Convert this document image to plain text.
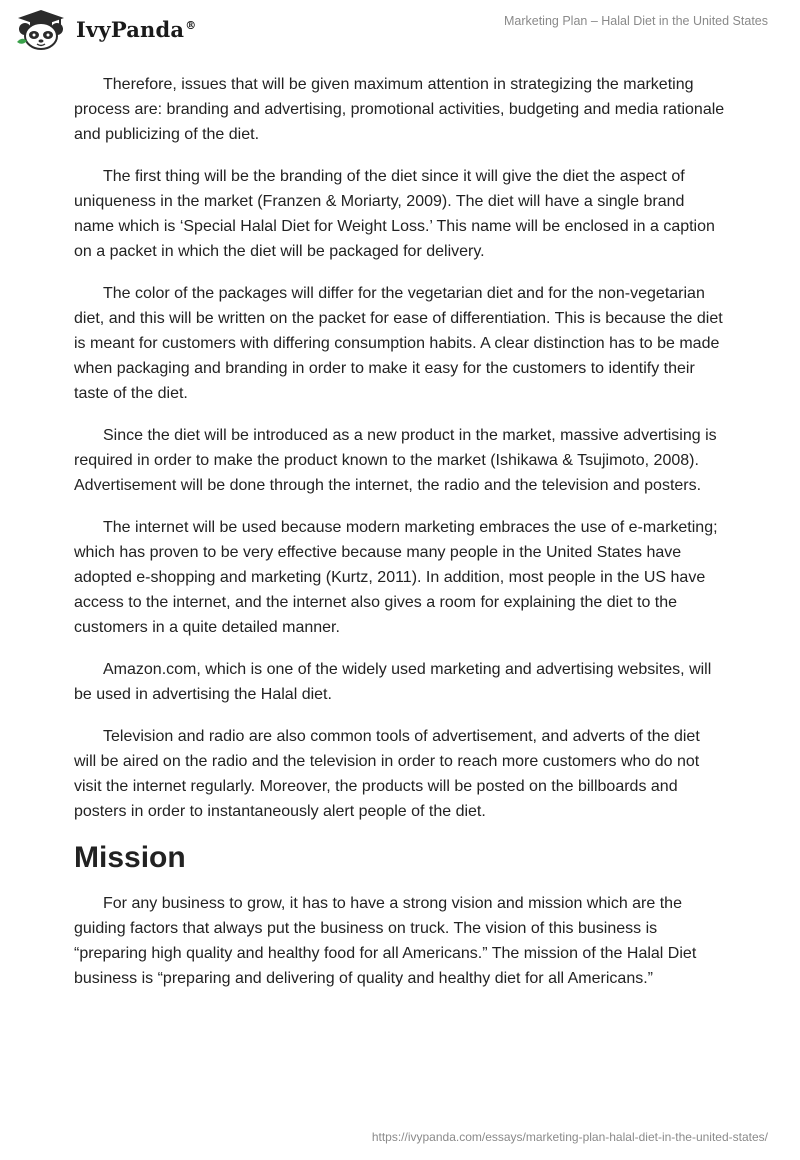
IvyPanda®	Marketing Plan – Halal Diet in the United States

Therefore, issues that will be given maximum attention in strategizing the marketing process are: branding and advertising, promotional activities, budgeting and media rationale and publicizing of the diet.

The first thing will be the branding of the diet since it will give the diet the aspect of uniqueness in the market (Franzen & Moriarty, 2009). The diet will have a single brand name which is ‘Special Halal Diet for Weight Loss.’ This name will be enclosed in a caption on a packet in which the diet will be packaged for delivery.

The color of the packages will differ for the vegetarian diet and for the non-vegetarian diet, and this will be written on the packet for ease of differentiation. This is because the diet is meant for customers with differing consumption habits. A clear distinction has to be made when packaging and branding in order to make it easy for the customers to identify their taste of the diet.

Since the diet will be introduced as a new product in the market, massive advertising is required in order to make the product known to the market (Ishikawa & Tsujimoto, 2008). Advertisement will be done through the internet, the radio and the television and posters.

The internet will be used because modern marketing embraces the use of e-marketing; which has proven to be very effective because many people in the United States have adopted e-shopping and marketing (Kurtz, 2011). In addition, most people in the US have access to the internet, and the internet also gives a room for explaining the diet to the customers in a quite detailed manner.

Amazon.com, which is one of the widely used marketing and advertising websites, will be used in advertising the Halal diet.

Television and radio are also common tools of advertisement, and adverts of the diet will be aired on the radio and the television in order to reach more customers who do not visit the internet regularly. Moreover, the products will be posted on the billboards and posters in order to instantaneously alert people of the diet.

Mission

For any business to grow, it has to have a strong vision and mission which are the guiding factors that always put the business on truck. The vision of this business is “preparing high quality and healthy food for all Americans.” The mission of the Halal Diet business is “preparing and delivering of quality and healthy diet for all Americans.”

https://ivypanda.com/essays/marketing-plan-halal-diet-in-the-united-states/
